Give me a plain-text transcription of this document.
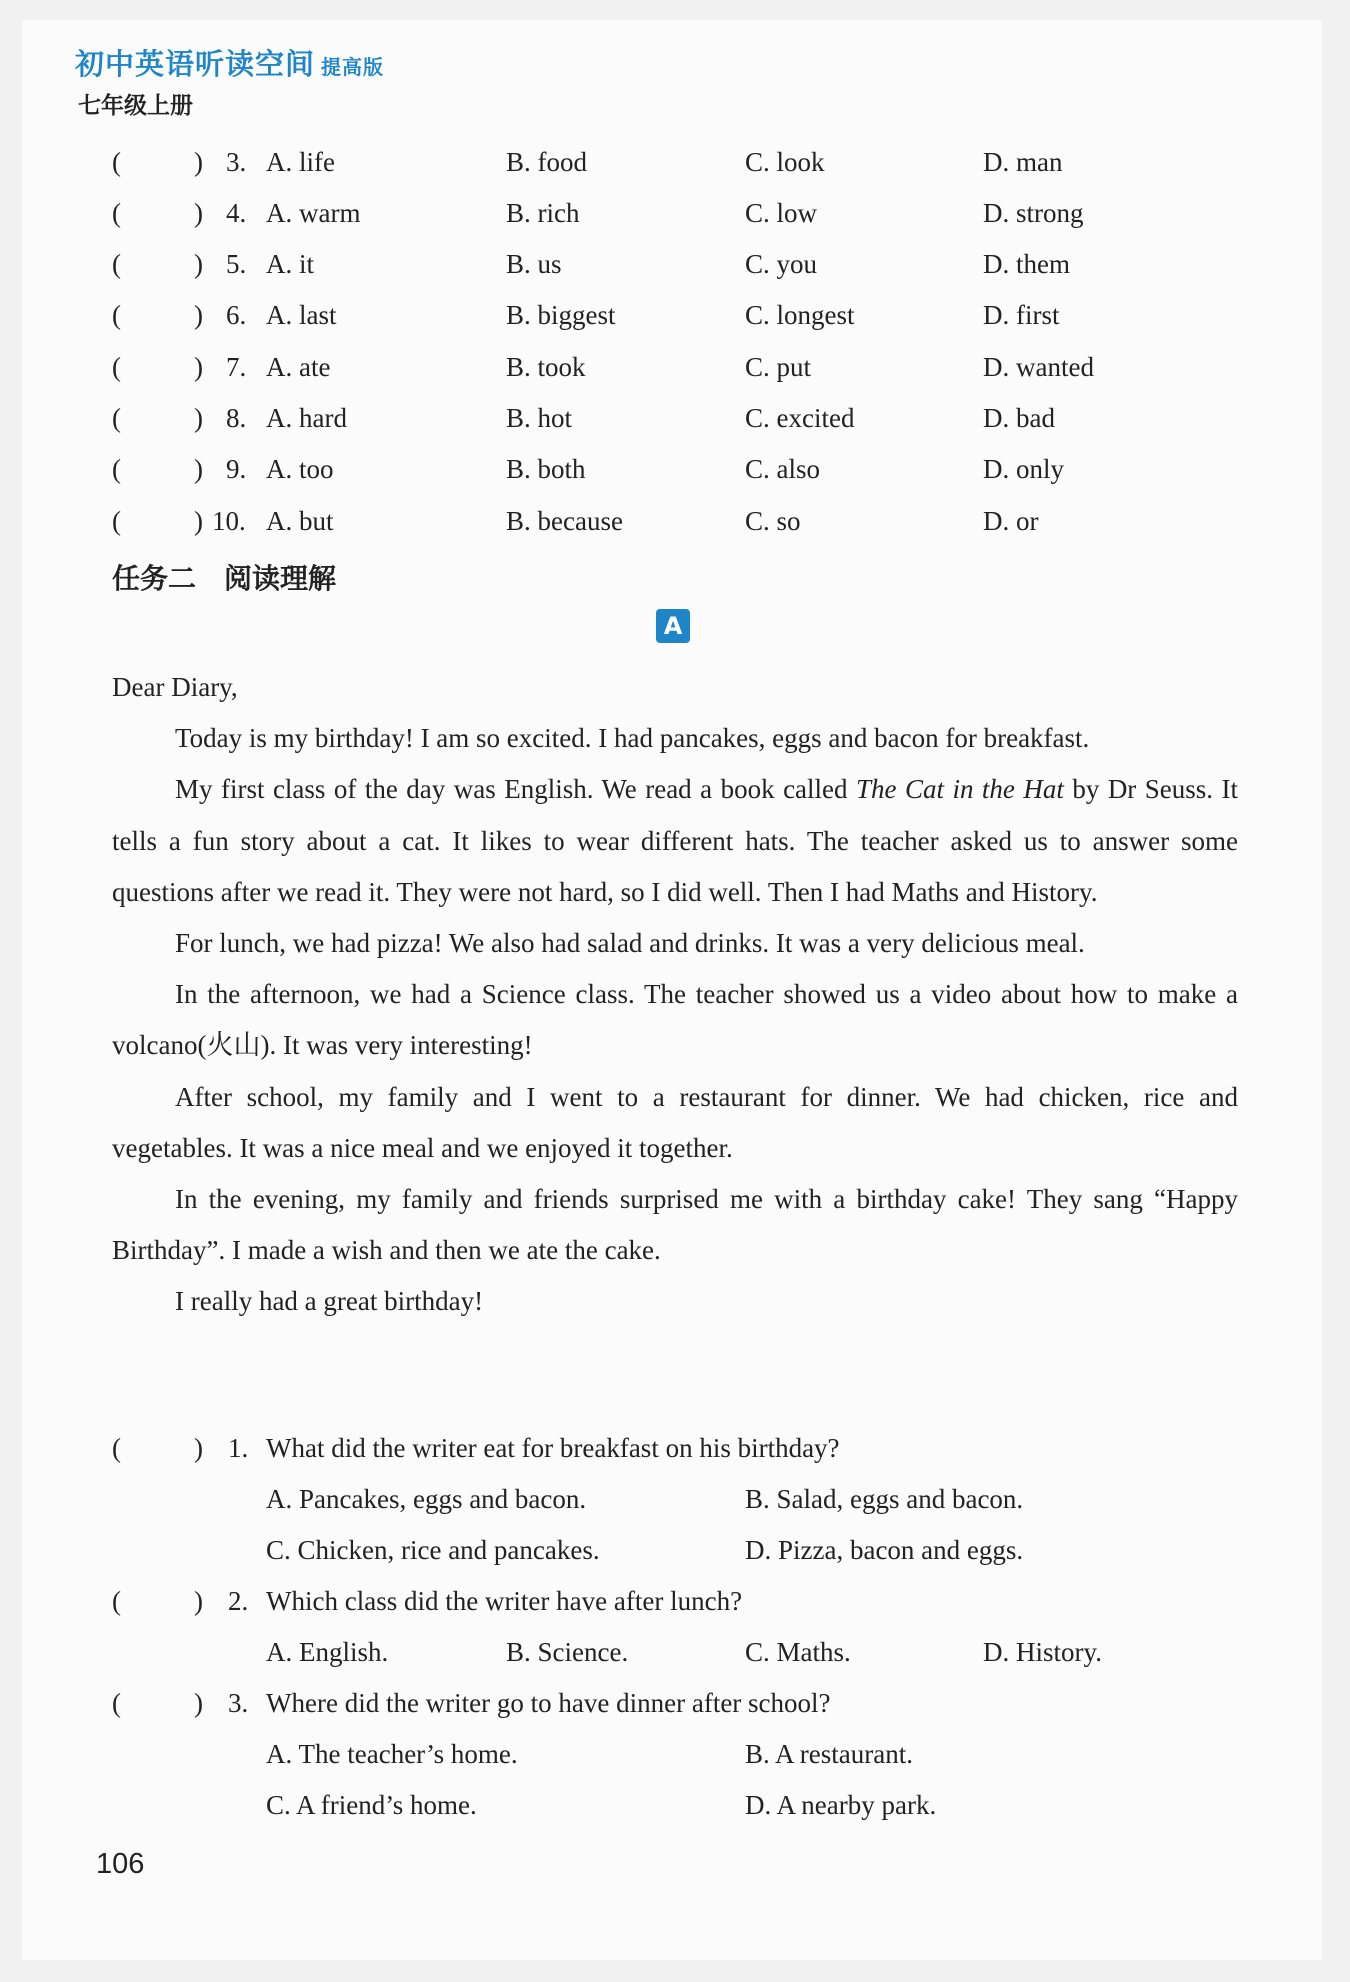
初中英语听读空间 提高版
七年级上册
(	) 3. A. life	B. food	C. look	D. man
(	) 4. A. warm	B. rich	C. low	D. strong
(	) 5. A. it	B. us	C. you	D. them
(	) 6. A. last	B. biggest	C. longest	D. first
(	) 7. A. ate	B. took	C. put	D. wanted
(	) 8. A. hard	B. hot	C. excited	D. bad
(	) 9. A. too	B. both	C. also	D. only
(	) 10. A. but	B. because	C. so	D. or
任务二　阅读理解
A

Dear Diary,

Today is my birthday! I am so excited. I had pancakes, eggs and bacon for breakfast.

My first class of the day was English. We read a book called The Cat in the Hat by Dr Seuss. It tells a fun story about a cat. It likes to wear different hats. The teacher asked us to answer some questions after we read it. They were not hard, so I did well. Then I had Maths and History.

For lunch, we had pizza! We also had salad and drinks. It was a very delicious meal.

In the afternoon, we had a Science class. The teacher showed us a video about how to make a volcano(火山). It was very interesting!

After school, my family and I went to a restaurant for dinner. We had chicken, rice and vegetables. It was a nice meal and we enjoyed it together.

In the evening, my family and friends surprised me with a birthday cake! They sang “Happy Birthday”. I made a wish and then we ate the cake.

I really had a great birthday!

(	) 1. What did the writer eat for breakfast on his birthday?
A. Pancakes, eggs and bacon.	B. Salad, eggs and bacon.
C. Chicken, rice and pancakes.	D. Pizza, bacon and eggs.
(	) 2. Which class did the writer have after lunch?
A. English.	B. Science.	C. Maths.	D. History.
(	) 3. Where did the writer go to have dinner after school?
A. The teacher’s home.	B. A restaurant.
C. A friend’s home.	D. A nearby park.
106
